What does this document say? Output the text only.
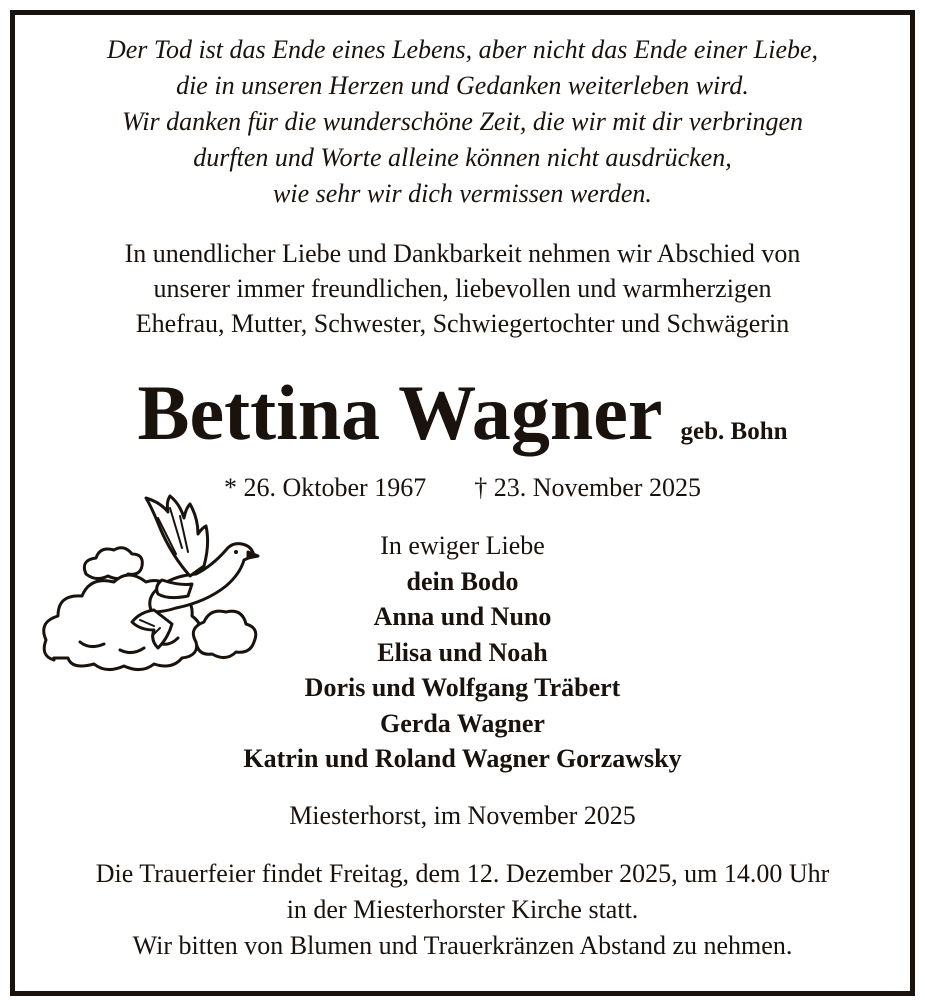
Der Tod ist das Ende eines Lebens, aber nicht das Ende einer Liebe,
die in unseren Herzen und Gedanken weiterleben wird.
Wir danken für die wunderschöne Zeit, die wir mit dir verbringen
durften und Worte alleine können nicht ausdrücken,
wie sehr wir dich vermissen werden.
In unendlicher Liebe und Dankbarkeit nehmen wir Abschied von
unserer immer freundlichen, liebevollen und warmherzigen
Ehefrau, Mutter, Schwester, Schwiegertochter und Schwägerin
Bettina Wagner geb. Bohn
* 26. Oktober 1967 † 23. November 2025
In ewiger Liebe
dein Bodo
Anna und Nuno
Elisa und Noah
Doris und Wolfgang Träbert
Gerda Wagner
Katrin und Roland Wagner Gorzawsky
Miesterhorst, im November 2025
Die Trauerfeier findet Freitag, dem 12. Dezember 2025, um 14.00 Uhr
in der Miesterhorster Kirche statt.
Wir bitten von Blumen und Trauerkränzen Abstand zu nehmen.
